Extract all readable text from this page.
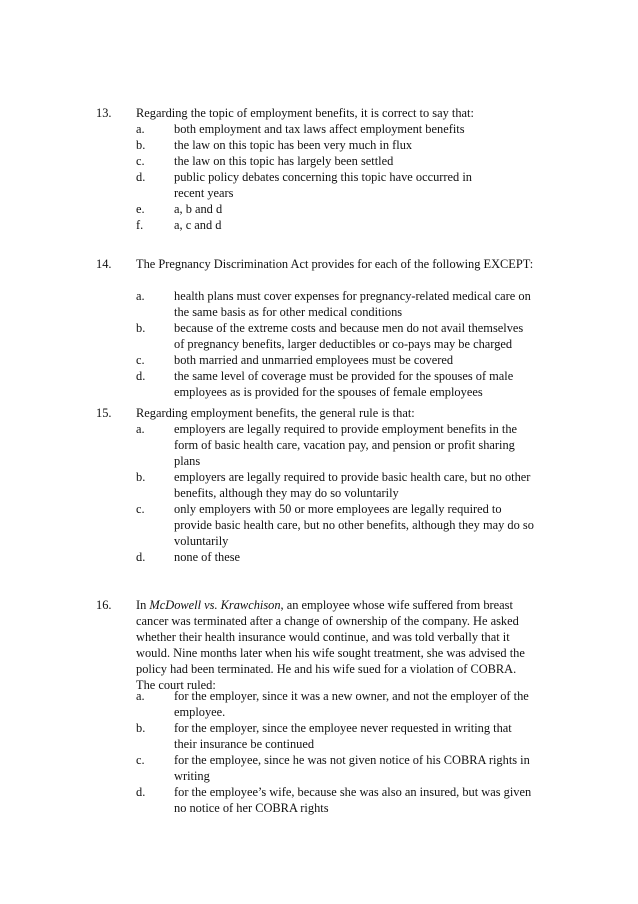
13. Regarding the topic of employment benefits, it is correct to say that:
a. both employment and tax laws affect employment benefits
b. the law on this topic has been very much in flux
c. the law on this topic has largely been settled
d. public policy debates concerning this topic have occurred in recent years
e. a, b and d
f. a, c and d
14. The Pregnancy Discrimination Act provides for each of the following EXCEPT:
a. health plans must cover expenses for pregnancy-related medical care on the same basis as for other medical conditions
b. because of the extreme costs and because men do not avail themselves of pregnancy benefits, larger deductibles or co-pays may be charged
c. both married and unmarried employees must be covered
d. the same level of coverage must be provided for the spouses of male employees as is provided for the spouses of female employees
15. Regarding employment benefits, the general rule is that:
a. employers are legally required to provide employment benefits in the form of basic health care, vacation pay, and pension or profit sharing plans
b. employers are legally required to provide basic health care, but no other benefits, although they may do so voluntarily
c. only employers with 50 or more employees are legally required to provide basic health care, but no other benefits, although they may do so voluntarily
d. none of these
16. In McDowell vs. Krawchison, an employee whose wife suffered from breast cancer was terminated after a change of ownership of the company. He asked whether their health insurance would continue, and was told verbally that it would. Nine months later when his wife sought treatment, she was advised the policy had been terminated. He and his wife sued for a violation of COBRA. The court ruled:
a. for the employer, since it was a new owner, and not the employer of the employee.
b. for the employer, since the employee never requested in writing that their insurance be continued
c. for the employee, since he was not given notice of his COBRA rights in writing
d. for the employee’s wife, because she was also an insured, but was given no notice of her COBRA rights
